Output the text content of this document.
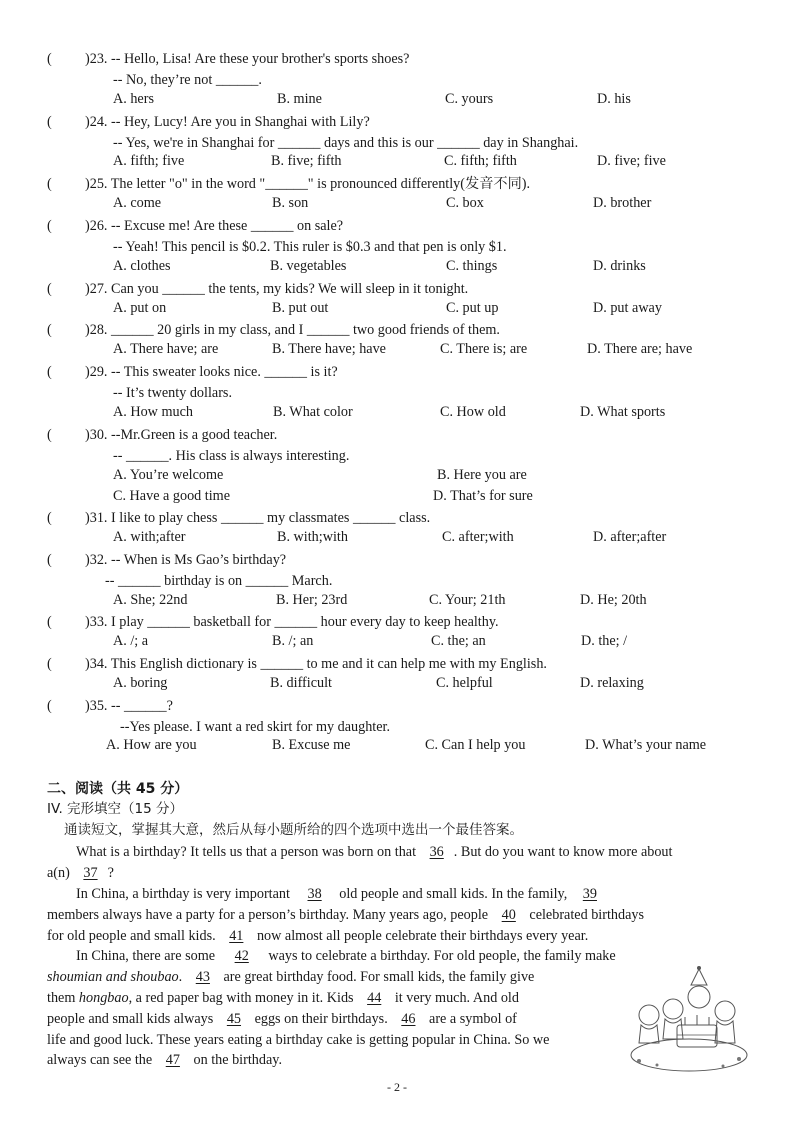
( )23. -- Hello, Lisa! Are these your brother's sports shoes?
-- No, they’re not ______.
A. hers	B. mine	C. yours	D. his
( )24. -- Hey, Lucy! Are you in Shanghai with Lily?
-- Yes, we're in Shanghai for ______ days and this is our ______ day in Shanghai.
A. fifth; five	B. five; fifth	C. fifth; fifth	D. five; five
( )25. The letter "o" in the word "______" is pronounced differently(发音不同).
A. come	B. son	C. box	D. brother
( )26. -- Excuse me! Are these ______ on sale?
-- Yeah! This pencil is $0.2. This ruler is $0.3 and that pen is only $1.
A. clothes	B. vegetables	C. things	D. drinks
( )27. Can you ______ the tents, my kids? We will sleep in it tonight.
A. put on	B. put out	C. put up	D. put away
( )28. ______ 20 girls in my class, and I ______ two good friends of them.
A. There have; are	B. There have; have	C. There is; are	D. There are; have
( )29. -- This sweater looks nice. ______ is it?
-- It’s twenty dollars.
A. How much	B. What color	C. How old	D. What sports
( )30. --Mr.Green is a good teacher.
-- ______. His class is always interesting.
A. You’re welcome	B. Here you are
C. Have a good time	D. That’s for sure
( )31. I like to play chess ______ my classmates ______ class.
A. with;after	B. with;with	C. after;with	D. after;after
( )32. -- When is Ms Gao’s birthday?
-- ______ birthday is on ______ March.
A. She; 22nd	B. Her; 23rd	C. Your; 21th	D. He; 20th
( )33. I play ______ basketball for ______ hour every day to keep healthy.
A. /; a	B. /; an	C. the; an	D. the; /
( )34. This English dictionary is ______ to me and it can help me with my English.
A. boring	B. difficult	C. helpful	D. relaxing
( )35. -- ______?
--Yes please. I want a red skirt for my daughter.
A. How are you	B. Excuse me	C. Can I help you	D. What’s your name
二、阅读（共 45 分）
IV. 完形填空（15 分）
通读短文，掌握其大意，然后从每小题所给的四个选项中选出一个最佳答案。
What is a birthday? It tells us that a person was born on that 36 . But do you want to know more about
a(n) 37 ?
In China, a birthday is very important 38 old people and small kids. In the family, 39
members always have a party for a person’s birthday. Many years ago, people 40 celebrated birthdays
for old people and small kids. 41 now almost all people celebrate their birthdays every year.
In China, there are some 42 ways to celebrate a birthday. For old people, the family make
shoumian and shoubao. 43 are great birthday food. For small kids, the family give
them hongbao, a red paper bag with money in it. Kids 44 it very much. And old
people and small kids always 45 eggs on their birthdays. 46 are a symbol of
life and good luck. These years eating a birthday cake is getting popular in China. So we
always can see the 47 on the birthday.
- 2 -
